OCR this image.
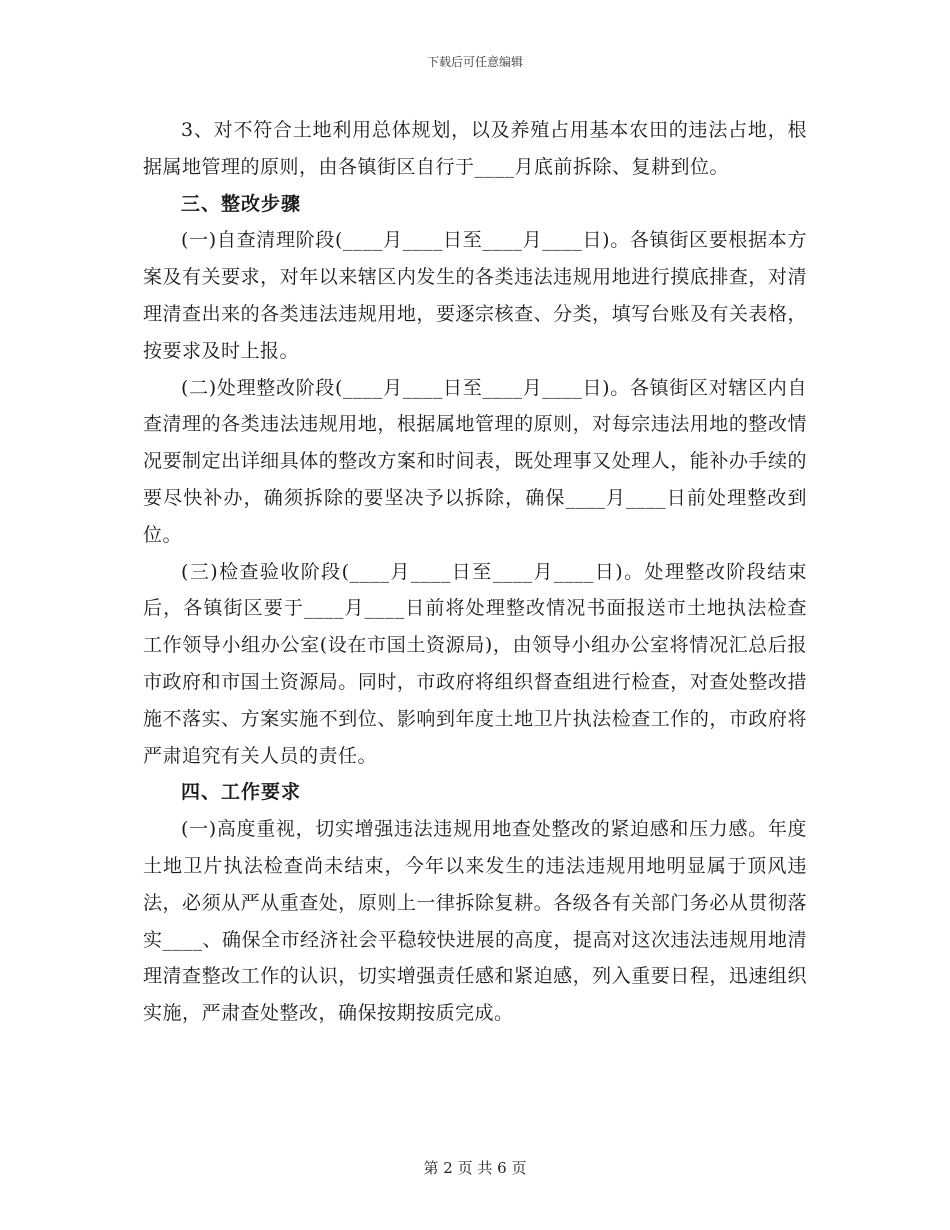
下载后可任意编辑

3、对不符合土地利用总体规划，以及养殖占用基本农田的违法占地，根据属地管理的原则，由各镇街区自行于____月底前拆除、复耕到位。

三、整改步骤

(一)自查清理阶段(____月____日至____月____日)。各镇街区要根据本方案及有关要求，对年以来辖区内发生的各类违法违规用地进行摸底排查，对清理清查出来的各类违法违规用地，要逐宗核查、分类，填写台账及有关表格，按要求及时上报。

(二)处理整改阶段(____月____日至____月____日)。各镇街区对辖区内自查清理的各类违法违规用地，根据属地管理的原则，对每宗违法用地的整改情况要制定出详细具体的整改方案和时间表，既处理事又处理人，能补办手续的要尽快补办，确须拆除的要坚决予以拆除，确保____月____日前处理整改到位。

(三)检查验收阶段(____月____日至____月____日)。处理整改阶段结束后，各镇街区要于____月____日前将处理整改情况书面报送市土地执法检查工作领导小组办公室(设在市国土资源局)，由领导小组办公室将情况汇总后报市政府和市国土资源局。同时，市政府将组织督查组进行检查，对查处整改措施不落实、方案实施不到位、影响到年度土地卫片执法检查工作的，市政府将严肃追究有关人员的责任。

四、工作要求

(一)高度重视，切实增强违法违规用地查处整改的紧迫感和压力感。年度土地卫片执法检查尚未结束，今年以来发生的违法违规用地明显属于顶风违法，必须从严从重查处，原则上一律拆除复耕。各级各有关部门务必从贯彻落实____、确保全市经济社会平稳较快进展的高度，提高对这次违法违规用地清理清查整改工作的认识，切实增强责任感和紧迫感，列入重要日程，迅速组织实施，严肃查处整改，确保按期按质完成。

第 2 页 共 6 页
